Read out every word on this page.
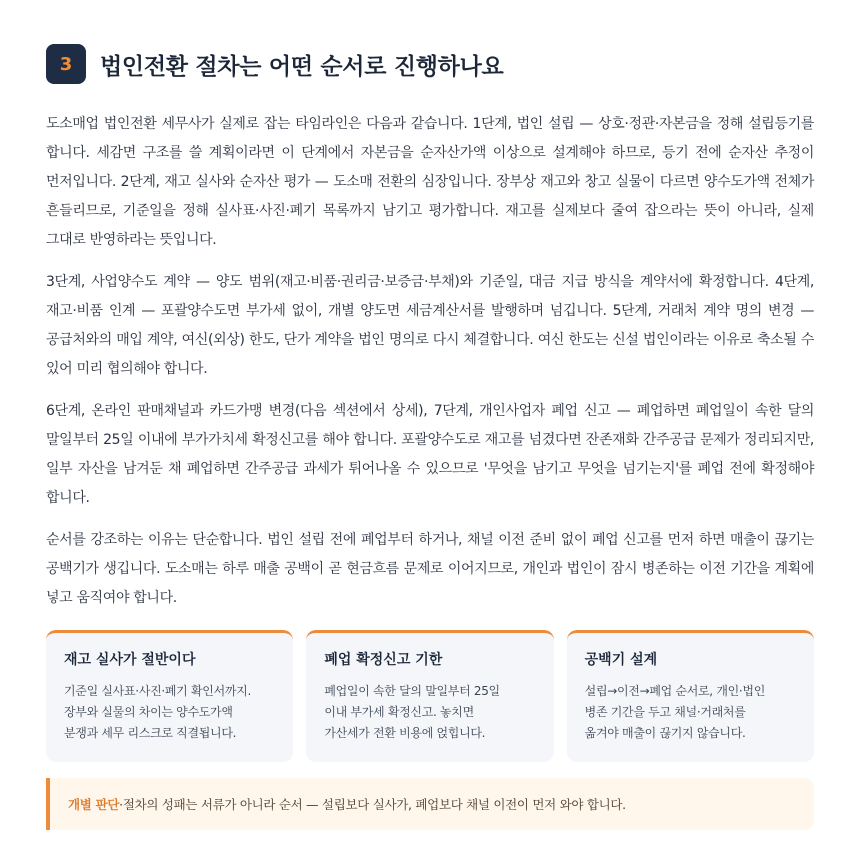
3	법인전환 절차는 어떤 순서로 진행하나요

도소매업 법인전환 세무사가 실제로 잡는 타임라인은 다음과 같습니다. 1단계, 법인 설립 — 상호·정관·자본금을 정해 설립등기를 합니다. 세감면 구조를 쓸 계획이라면 이 단계에서 자본금을 순자산가액 이상으로 설계해야 하므로, 등기 전에 순자산 추정이 먼저입니다. 2단계, 재고 실사와 순자산 평가 — 도소매 전환의 심장입니다. 장부상 재고와 창고 실물이 다르면 양수도가액 전체가 흔들리므로, 기준일을 정해 실사표·사진·폐기 목록까지 남기고 평가합니다. 재고를 실제보다 줄여 잡으라는 뜻이 아니라, 실제 그대로 반영하라는 뜻입니다.

3단계, 사업양수도 계약 — 양도 범위(재고·비품·권리금·보증금·부채)와 기준일, 대금 지급 방식을 계약서에 확정합니다. 4단계, 재고·비품 인계 — 포괄양수도면 부가세 없이, 개별 양도면 세금계산서를 발행하며 넘깁니다. 5단계, 거래처 계약 명의 변경 — 공급처와의 매입 계약, 여신(외상) 한도, 단가 계약을 법인 명의로 다시 체결합니다. 여신 한도는 신설 법인이라는 이유로 축소될 수 있어 미리 협의해야 합니다.

6단계, 온라인 판매채널과 카드가맹 변경(다음 섹션에서 상세), 7단계, 개인사업자 폐업 신고 — 폐업하면 폐업일이 속한 달의 말일부터 25일 이내에 부가가치세 확정신고를 해야 합니다. 포괄양수도로 재고를 넘겼다면 잔존재화 간주공급 문제가 정리되지만, 일부 자산을 남겨둔 채 폐업하면 간주공급 과세가 튀어나올 수 있으므로 '무엇을 남기고 무엇을 넘기는지'를 폐업 전에 확정해야 합니다.

순서를 강조하는 이유는 단순합니다. 법인 설립 전에 폐업부터 하거나, 채널 이전 준비 없이 폐업 신고를 먼저 하면 매출이 끊기는 공백기가 생깁니다. 도소매는 하루 매출 공백이 곧 현금흐름 문제로 이어지므로, 개인과 법인이 잠시 병존하는 이전 기간을 계획에 넣고 움직여야 합니다.

재고 실사가 절반이다
기준일 실사표·사진·폐기 확인서까지.
장부와 실물의 차이는 양수도가액
분쟁과 세무 리스크로 직결됩니다.
폐업 확정신고 기한
폐업일이 속한 달의 말일부터 25일
이내 부가세 확정신고. 놓치면
가산세가 전환 비용에 얹힙니다.
공백기 설계
설립→이전→폐업 순서로, 개인·법인
병존 기간을 두고 채널·거래처를
옮겨야 매출이 끊기지 않습니다.
개별 판단 · 절차의 성패는 서류가 아니라 순서 — 설립보다 실사가, 폐업보다 채널 이전이 먼저 와야 합니다.
